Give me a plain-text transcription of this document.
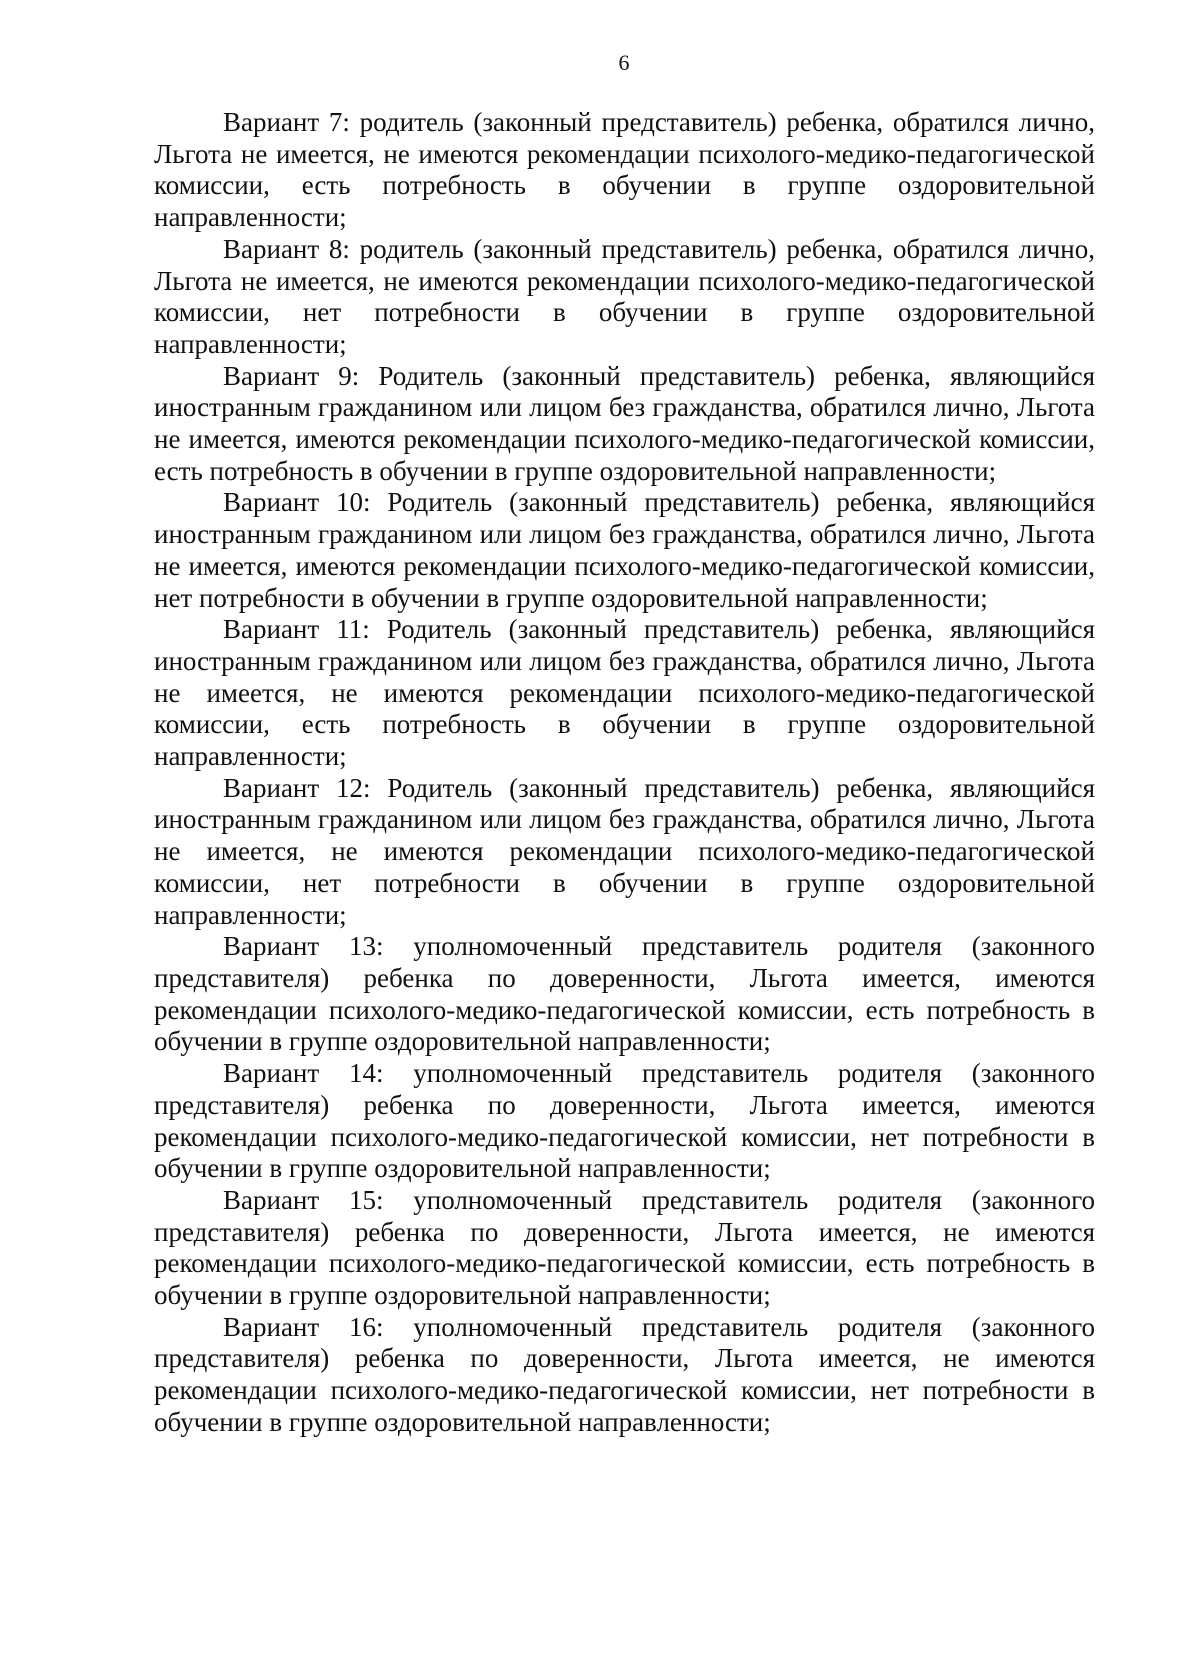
6

Вариант 7: родитель (законный представитель) ребенка, обратился лично, Льгота не имеется, не имеются рекомендации психолого-медико-педагогической комиссии, есть потребность в обучении в группе оздоровительной направленности;

Вариант 8: родитель (законный представитель) ребенка, обратился лично, Льгота не имеется, не имеются рекомендации психолого-медико-педагогической комиссии, нет потребности в обучении в группе оздоровительной направленности;

Вариант 9: Родитель (законный представитель) ребенка, являющийся иностранным гражданином или лицом без гражданства, обратился лично, Льгота не имеется, имеются рекомендации психолого-медико-педагогической комиссии, есть потребность в обучении в группе оздоровительной направленности;

Вариант 10: Родитель (законный представитель) ребенка, являющийся иностранным гражданином или лицом без гражданства, обратился лично, Льгота не имеется, имеются рекомендации психолого-медико-педагогической комиссии, нет потребности в обучении в группе оздоровительной направленности;

Вариант 11: Родитель (законный представитель) ребенка, являющийся иностранным гражданином или лицом без гражданства, обратился лично, Льгота не имеется, не имеются рекомендации психолого-медико-педагогической комиссии, есть потребность в обучении в группе оздоровительной направленности;

Вариант 12: Родитель (законный представитель) ребенка, являющийся иностранным гражданином или лицом без гражданства, обратился лично, Льгота не имеется, не имеются рекомендации психолого-медико-педагогической комиссии, нет потребности в обучении в группе оздоровительной направленности;

Вариант 13: уполномоченный представитель родителя (законного представителя) ребенка по доверенности, Льгота имеется, имеются рекомендации психолого-медико-педагогической комиссии, есть потребность в обучении в группе оздоровительной направленности;

Вариант 14: уполномоченный представитель родителя (законного представителя) ребенка по доверенности, Льгота имеется, имеются рекомендации психолого-медико-педагогической комиссии, нет потребности в обучении в группе оздоровительной направленности;

Вариант 15: уполномоченный представитель родителя (законного представителя) ребенка по доверенности, Льгота имеется, не имеются рекомендации психолого-медико-педагогической комиссии, есть потребность в обучении в группе оздоровительной направленности;

Вариант 16: уполномоченный представитель родителя (законного представителя) ребенка по доверенности, Льгота имеется, не имеются рекомендации психолого-медико-педагогической комиссии, нет потребности в обучении в группе оздоровительной направленности;
